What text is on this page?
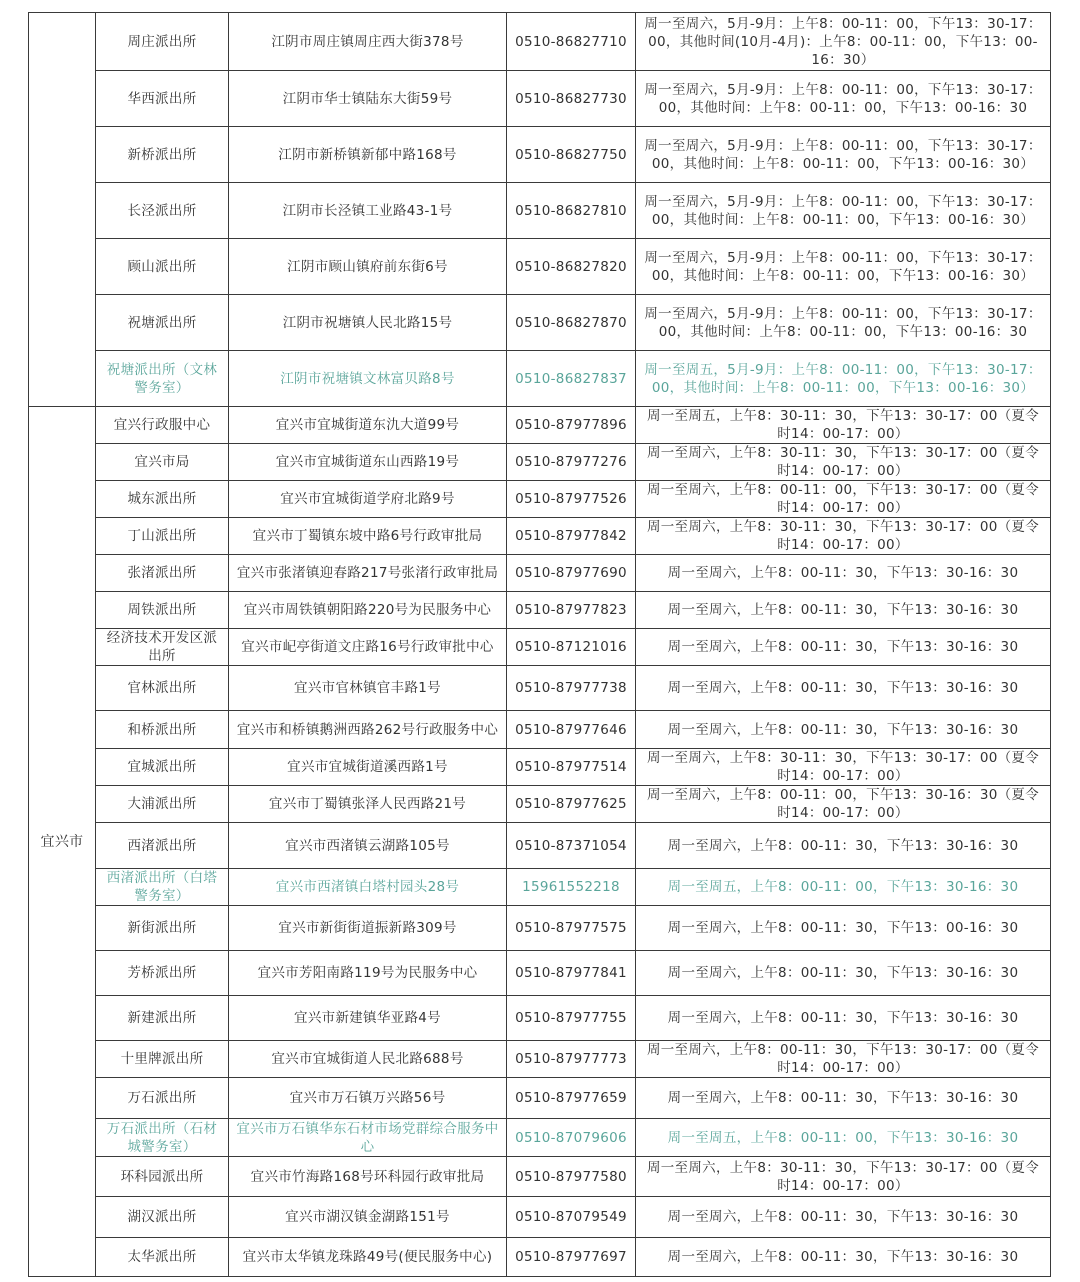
	周庄派出所	江阴市周庄镇周庄西大街378号	0510-86827710	周一至周六，5月-9月：上午8：00-11：00，下午13：30-17：00，其他时间(10月-4月)：上午8：00-11：00，下午13：00-16：30）
	华西派出所	江阴市华士镇陆东大街59号	0510-86827730	周一至周六，5月-9月：上午8：00-11：00，下午13：30-17：00，其他时间：上午8：00-11：00，下午13：00-16：30
	新桥派出所	江阴市新桥镇新郁中路168号	0510-86827750	周一至周六，5月-9月：上午8：00-11：00，下午13：30-17：00，其他时间：上午8：00-11：00，下午13：00-16：30）
	长泾派出所	江阴市长泾镇工业路43-1号	0510-86827810	周一至周六，5月-9月：上午8：00-11：00，下午13：30-17：00，其他时间：上午8：00-11：00，下午13：00-16：30）
	顾山派出所	江阴市顾山镇府前东街6号	0510-86827820	周一至周六，5月-9月：上午8：00-11：00，下午13：30-17：00，其他时间：上午8：00-11：00，下午13：00-16：30）
	祝塘派出所	江阴市祝塘镇人民北路15号	0510-86827870	周一至周六，5月-9月：上午8：00-11：00，下午13：30-17：00，其他时间：上午8：00-11：00，下午13：00-16：30
	祝塘派出所（文林警务室）	江阴市祝塘镇文林富贝路8号	0510-86827837	周一至周五，5月-9月：上午8：00-11：00，下午13：30-17：00，其他时间：上午8：00-11：00，下午13：00-16：30）
宜兴市	宜兴行政服中心	宜兴市宜城街道东氿大道99号	0510-87977896	周一至周五，上午8：30-11：30，下午13：30-17：00（夏令时14：00-17：00）
	宜兴市局	宜兴市宜城街道东山西路19号	0510-87977276	周一至周六，上午8：30-11：30，下午13：30-17：00（夏令时14：00-17：00）
	城东派出所	宜兴市宜城街道学府北路9号	0510-87977526	周一至周六，上午8：00-11：00，下午13：30-17：00（夏令时14：00-17：00）
	丁山派出所	宜兴市丁蜀镇东坡中路6号行政审批局	0510-87977842	周一至周六，上午8：30-11：30，下午13：30-17：00（夏令时14：00-17：00）
	张渚派出所	宜兴市张渚镇迎春路217号张渚行政审批局	0510-87977690	周一至周六，上午8：00-11：30，下午13：30-16：30
	周铁派出所	宜兴市周铁镇朝阳路220号为民服务中心	0510-87977823	周一至周六，上午8：00-11：30，下午13：30-16：30
	经济技术开发区派出所	宜兴市屺亭街道文庄路16号行政审批中心	0510-87121016	周一至周六，上午8：00-11：30，下午13：30-16：30
	官林派出所	宜兴市官林镇官丰路1号	0510-87977738	周一至周六，上午8：00-11：30，下午13：30-16：30
	和桥派出所	宜兴市和桥镇鹅洲西路262号行政服务中心	0510-87977646	周一至周六，上午8：00-11：30，下午13：30-16：30
	宜城派出所	宜兴市宜城街道溪西路1号	0510-87977514	周一至周六，上午8：30-11：30，下午13：30-17：00（夏令时14：00-17：00）
	大浦派出所	宜兴市丁蜀镇张泽人民西路21号	0510-87977625	周一至周六，上午8：00-11：00，下午13：30-16：30（夏令时14：00-17：00）
	西渚派出所	宜兴市西渚镇云湖路105号	0510-87371054	周一至周六，上午8：00-11：30，下午13：30-16：30
	西渚派出所（白塔警务室）	宜兴市西渚镇白塔村园头28号	15961552218	周一至周五，上午8：00-11：00，下午13：30-16：30
	新街派出所	宜兴市新街街道振新路309号	0510-87977575	周一至周六，上午8：00-11：30，下午13：00-16：30
	芳桥派出所	宜兴市芳阳南路119号为民服务中心	0510-87977841	周一至周六，上午8：00-11：30，下午13：30-16：30
	新建派出所	宜兴市新建镇华亚路4号	0510-87977755	周一至周六，上午8：00-11：30，下午13：30-16：30
	十里牌派出所	宜兴市宜城街道人民北路688号	0510-87977773	周一至周六，上午8：00-11：30，下午13：30-17：00（夏令时14：00-17：00）
	万石派出所	宜兴市万石镇万兴路56号	0510-87977659	周一至周六，上午8：00-11：30，下午13：30-16：30
	万石派出所（石材城警务室）	宜兴市万石镇华东石材市场党群综合服务中心	0510-87079606	周一至周五，上午8：00-11：00，下午13：30-16：30
	环科园派出所	宜兴市竹海路168号环科园行政审批局	0510-87977580	周一至周六，上午8：30-11：30，下午13：30-17：00（夏令时14：00-17：00）
	湖汉派出所	宜兴市湖汉镇金湖路151号	0510-87079549	周一至周六，上午8：00-11：30，下午13：30-16：30
	太华派出所	宜兴市太华镇龙珠路49号(便民服务中心)	0510-87977697	周一至周六，上午8：00-11：30，下午13：30-16：30
